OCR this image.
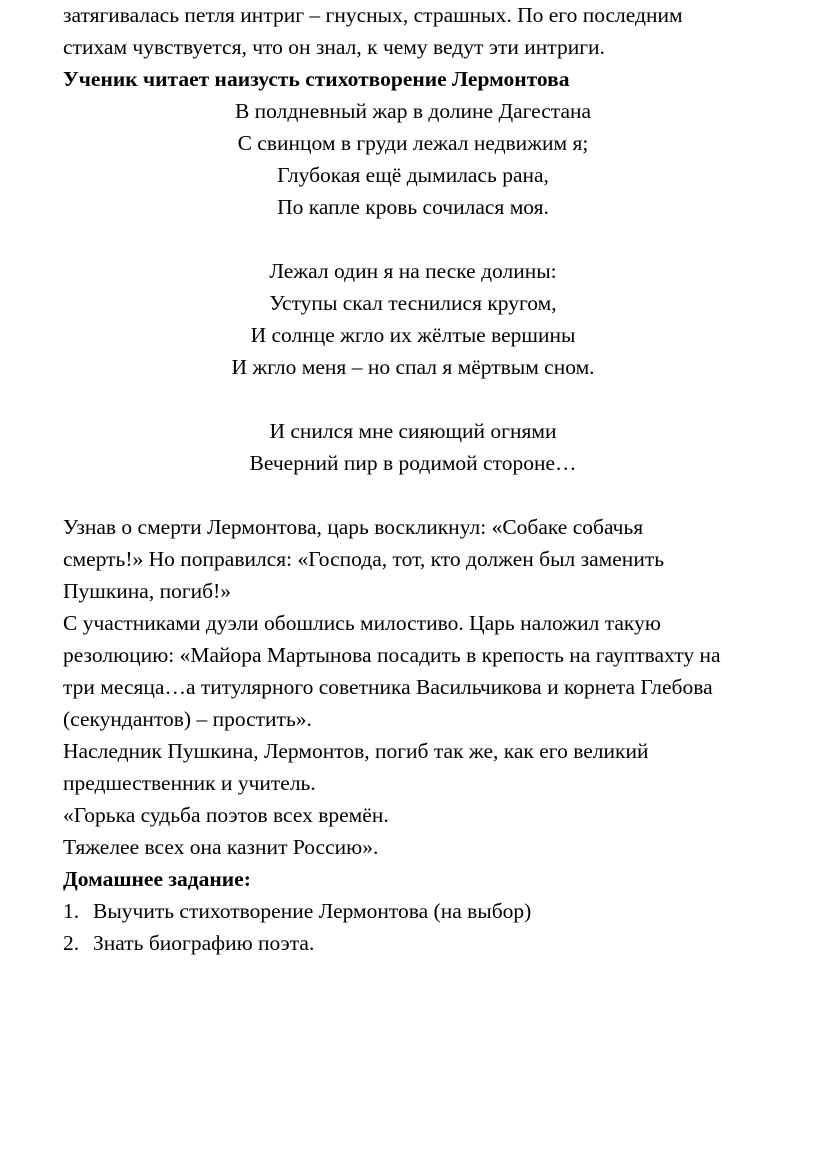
затягивалась петля интриг – гнусных, страшных. По его последним
стихам чувствуется, что он знал, к чему ведут эти интриги.
Ученик читает наизусть стихотворение Лермонтова
В полдневный жар в долине Дагестана
С свинцом в груди лежал недвижим я;
Глубокая ещё дымилась рана,
По капле кровь сочилася моя.
Лежал один я на песке долины:
Уступы скал теснилися кругом,
И солнце жгло их жёлтые вершины
И жгло меня – но спал я мёртвым сном.
И снился мне сияющий огнями
Вечерний пир в родимой стороне…
Узнав о смерти Лермонтова, царь воскликнул: «Собаке собачья
смерть!» Но поправился: «Господа, тот, кто должен был заменить
Пушкина, погиб!»
С участниками дуэли обошлись милостиво. Царь наложил такую
резолюцию: «Майора Мартынова посадить в крепость на гауптвахту на
три месяца…а титулярного советника Васильчикова и корнета Глебова
(секундантов) – простить».
Наследник Пушкина, Лермонтов, погиб так же, как его великий
предшественник и учитель.
«Горька судьба поэтов всех времён.
Тяжелее всех она казнит Россию».
Домашнее задание:
1. Выучить стихотворение Лермонтова (на выбор)
2. Знать биографию поэта.
